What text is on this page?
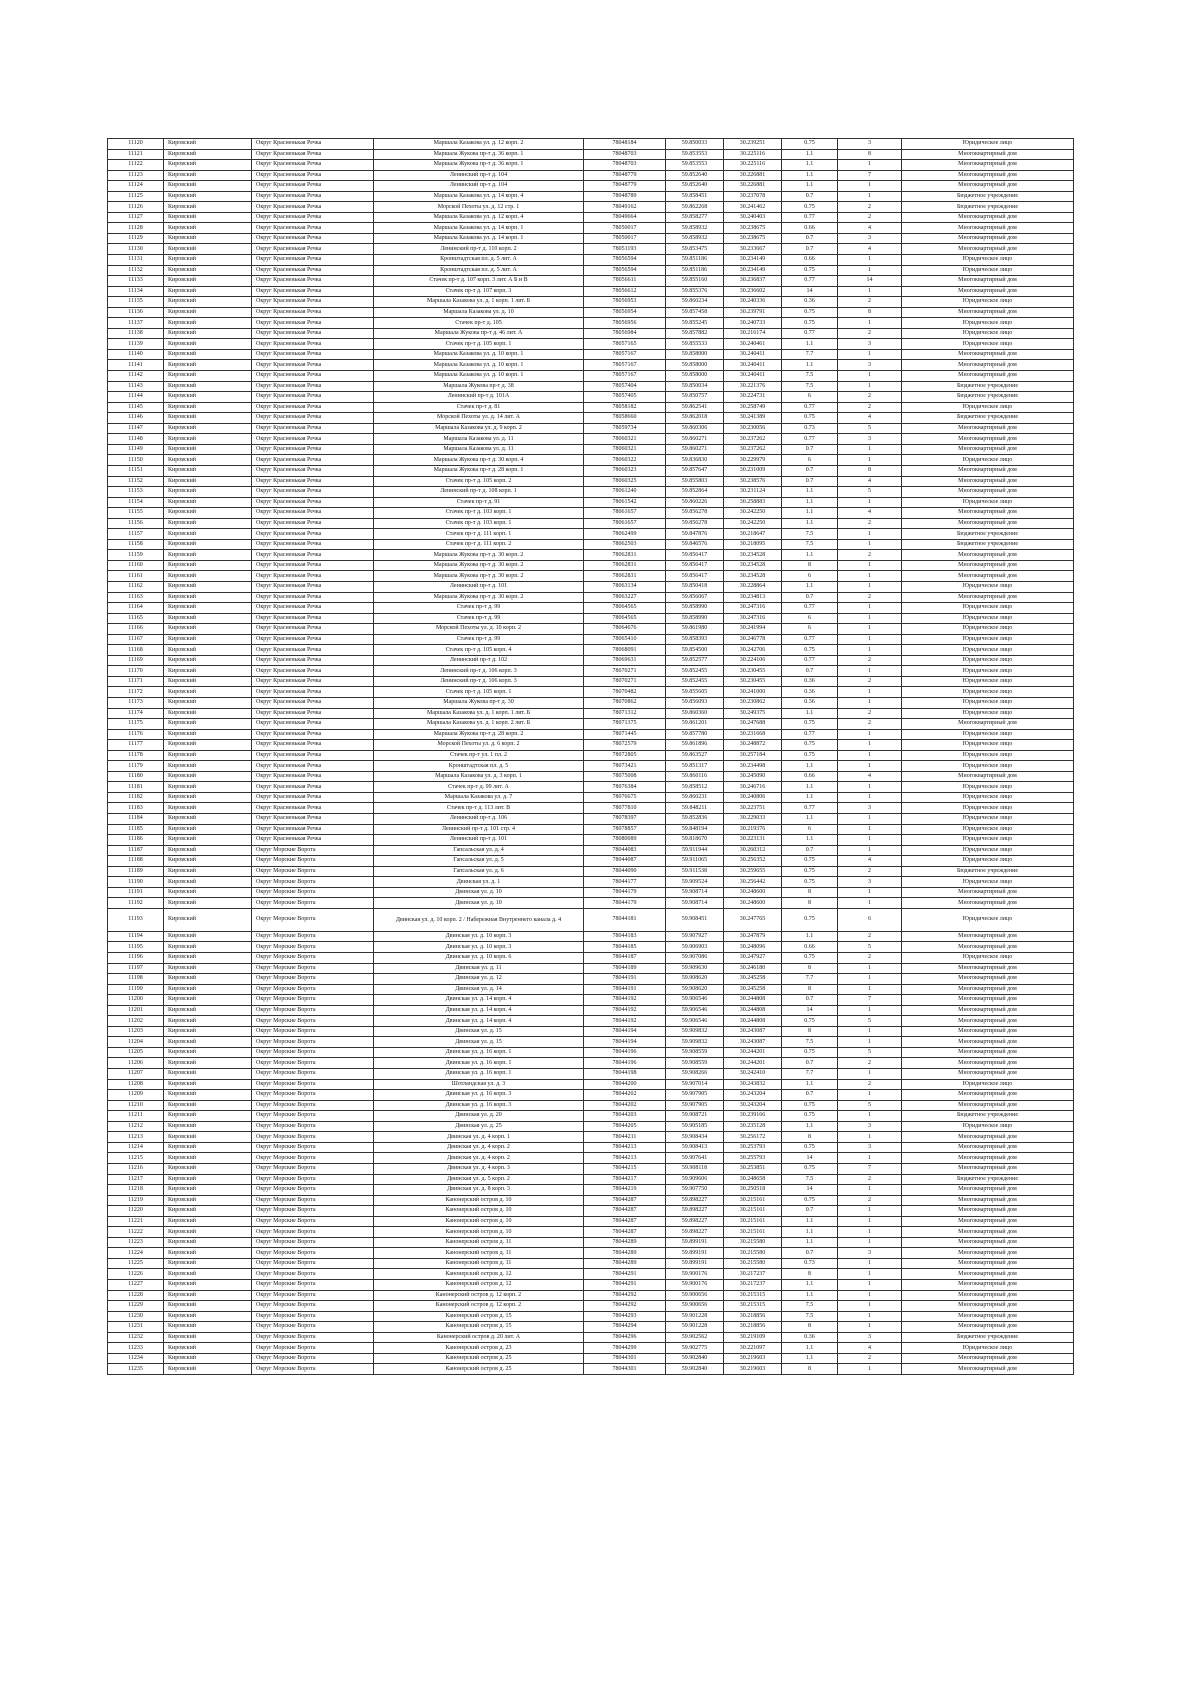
11120	Кировский	Округ Красненькая Речка	Маршала Казакова ул. д. 12 корп. 2	78048184	59.850033	30.239251	0.75	3	Юридическое лицо
11121	Кировский	Округ Красненькая Речка	Маршала Жукова пр-т д. 36 корп. 1	78048703	59.853553	30.225116	1.1	8	Многоквартирный дом
11122	Кировский	Округ Красненькая Речка	Маршала Жукова пр-т д. 36 корп. 1	78048703	59.853553	30.225116	1.1	1	Многоквартирный дом
11123	Кировский	Округ Красненькая Речка	Ленинский пр-т д. 104	78048779	59.852640	30.226881	1.1	7	Многоквартирный дом
11124	Кировский	Округ Красненькая Речка	Ленинский пр-т д. 104	78048779	59.852640	30.226881	1.1	1	Многоквартирный дом
11125	Кировский	Округ Красненькая Речка	Маршала Казакова ул. д. 14 корп. 4	78048789	59.858451	30.237078	0.7	1	Бюджетное учреждение
11126	Кировский	Округ Красненькая Речка	Морской Пехоты ул. д. 12 стр. 1	78049162	59.862268	30.241462	0.75	2	Бюджетное учреждение
11127	Кировский	Округ Красненькая Речка	Маршала Казакова ул. д. 12 корп. 4	78049664	59.858277	30.240403	0.77	2	Многоквартирный дом
11128	Кировский	Округ Красненькая Речка	Маршала Казакова ул. д. 14 корп. 1	78050017	59.858932	30.238675	0.66	4	Многоквартирный дом
11129	Кировский	Округ Красненькая Речка	Маршала Казакова ул. д. 14 корп. 1	78050017	59.858932	30.238675	0.7	3	Многоквартирный дом
11130	Кировский	Округ Красненькая Речка	Ленинский пр-т д. 110 корп. 2	78051193	59.853475	30.233667	0.7	4	Многоквартирный дом
11131	Кировский	Округ Красненькая Речка	Кронштадтская пл. д. 5 лит. А	78056594	59.851186	30.234149	0.66	1	Юридическое лицо
11132	Кировский	Округ Красненькая Речка	Кронштадтская пл. д. 5 лит. А	78056594	59.851186	30.234149	0.75	1	Юридическое лицо
11133	Кировский	Округ Красненькая Речка	Стачек пр-т д. 107 корп. 3 лит. А Б и В	78056611	59.855160	30.236837	0.77	14	Многоквартирный дом
11134	Кировский	Округ Красненькая Речка	Стачек пр-т д. 107 корп. 3	78056612	59.855376	30.236602	14	1	Многоквартирный дом
11135	Кировский	Округ Красненькая Речка	Маршала Казакова ул. д. 1 корп. 1 лит. Б	78056953	59.860234	30.240336	0.36	2	Юридическое лицо
11136	Кировский	Округ Красненькая Речка	Маршала Казакова ул. д. 10	78056954	59.857458	30.239791	0.75	8	Многоквартирный дом
11137	Кировский	Округ Красненькая Речка	Стачек пр-т д. 105	78056956	59.855245	30.240733	0.75	1	Юридическое лицо
11138	Кировский	Округ Красненькая Речка	Маршала Жукова пр-т д. 46 лит. А	78056984	59.857882	30.216174	0.77	2	Юридическое лицо
11139	Кировский	Округ Красненькая Речка	Стачек пр-т д. 105 корп. 1	78057165	59.855533	30.240461	1.1	3	Юридическое лицо
11140	Кировский	Округ Красненькая Речка	Маршала Казакова ул. д. 10 корп. 1	78057167	59.858000	30.240411	7.7	1	Многоквартирный дом
11141	Кировский	Округ Красненькая Речка	Маршала Казакова ул. д. 10 корп. 1	78057167	59.858000	30.240411	1.1	3	Многоквартирный дом
11142	Кировский	Округ Красненькая Речка	Маршала Казакова ул. д. 10 корп. 1	78057167	59.858000	30.240411	7.5	1	Многоквартирный дом
11143	Кировский	Округ Красненькая Речка	Маршала Жукова пр-т д. 38	78057404	59.850034	30.221376	7.5	1	Бюджетное учреждение
11144	Кировский	Округ Красненькая Речка	Ленинский пр-т д. 101А	78057405	59.850757	30.224731	6	2	Бюджетное учреждение
11145	Кировский	Округ Красненькая Речка	Стачек пр-т д. 81	78058182	59.862541	30.258749	0.77	2	Юридическое лицо
11146	Кировский	Округ Красненькая Речка	Морской Пехоты ул. д. 14 лит. А	78058660	59.862018	30.241389	0.75	4	Бюджетное учреждение
11147	Кировский	Округ Красненькая Речка	Маршала Казакова ул. д. 9 корп. 2	78059734	59.860306	30.230056	0.73	5	Многоквартирный дом
11148	Кировский	Округ Красненькая Речка	Маршала Казакова ул. д. 11	78060321	59.860271	30.237262	0.77	3	Многоквартирный дом
11149	Кировский	Округ Красненькая Речка	Маршала Казакова ул. д. 11	78060321	59.860271	30.237262	0.7	1	Многоквартирный дом
11150	Кировский	Округ Красненькая Речка	Маршала Жукова пр-т д. 30 корп. 4	78060322	59.836830	30.229979	6	1	Юридическое лицо
11151	Кировский	Округ Красненькая Речка	Маршала Жукова пр-т д. 28 корп. 1	78060323	59.857647	30.231009	0.7	8	Многоквартирный дом
11152	Кировский	Округ Красненькая Речка	Стачек пр-т д. 105 корп. 2	78060325	59.855803	30.238576	0.7	4	Многоквартирный дом
11153	Кировский	Округ Красненькая Речка	Ленинский пр-т д. 108 корп. 1	78061240	59.852864	30.231124	1.1	5	Многоквартирный дом
11154	Кировский	Округ Красненькая Речка	Стачек пр-т д. 91	78061542	59.860226	30.258883	1.1	1	Юридическое лицо
11155	Кировский	Округ Красненькая Речка	Стачек пр-т д. 103 корп. 1	78061657	59.856278	30.242250	1.1	4	Многоквартирный дом
11156	Кировский	Округ Красненькая Речка	Стачек пр-т д. 103 корп. 1	78061657	59.856278	30.242250	1.1	2	Многоквартирный дом
11157	Кировский	Округ Красненькая Речка	Стачек пр-т д. 111 корп. 1	78062499	59.847876	30.218647	7.5	1	Бюджетное учреждение
11158	Кировский	Округ Красненькая Речка	Стачек пр-т д. 111 корп. 2	78062503	59.846576	30.218095	7.5	1	Бюджетное учреждение
11159	Кировский	Округ Красненькая Речка	Маршала Жукова пр-т д. 30 корп. 2	78062831	59.856417	30.234528	1.1	2	Многоквартирный дом
11160	Кировский	Округ Красненькая Речка	Маршала Жукова пр-т д. 30 корп. 2	78062831	59.856417	30.234528	8	1	Многоквартирный дом
11161	Кировский	Округ Красненькая Речка	Маршала Жукова пр-т д. 30 корп. 2	78062831	59.856417	30.234528	6	1	Многоквартирный дом
11162	Кировский	Округ Красненькая Речка	Ленинский пр-т д. 101	78063134	59.850418	30.228864	1.1	1	Юридическое лицо
11163	Кировский	Округ Красненькая Речка	Маршала Жукова пр-т д. 30 корп. 2	78063227	59.856067	30.234813	0.7	2	Многоквартирный дом
11164	Кировский	Округ Красненькая Речка	Стачек пр-т д. 99	78064565	59.858990	30.247316	0.77	1	Юридическое лицо
11165	Кировский	Округ Красненькая Речка	Стачек пр-т д. 99	78064565	59.858990	30.247316	6	1	Юридическое лицо
11166	Кировский	Округ Красненькая Речка	Морской Пехоты ул. д. 10 корп. 2	78064676	59.861980	30.241994	6	1	Юридическое лицо
11167	Кировский	Округ Красненькая Речка	Стачек пр-т д. 99	78065410	59.858393	30.246778	0.77	1	Юридическое лицо
11168	Кировский	Округ Красненькая Речка	Стачек пр-т д. 105 корп. 4	78068091	59.854500	30.242706	0.75	1	Юридическое лицо
11169	Кировский	Округ Красненькая Речка	Ленинский пр-т д. 102	78069631	59.852577	30.224106	0.77	2	Юридическое лицо
11170	Кировский	Округ Красненькая Речка	Ленинский пр-т д. 106 корп. 3	78070271	59.852455	30.230455	0.7	1	Юридическое лицо
11171	Кировский	Округ Красненькая Речка	Ленинский пр-т д. 106 корп. 3	78070271	59.852455	30.230455	0.36	2	Юридическое лицо
11172	Кировский	Округ Красненькая Речка	Стачек пр-т д. 105 корп. 1	78070482	59.855605	30.241000	0.36	1	Юридическое лицо
11173	Кировский	Округ Красненькая Речка	Маршала Жукова пр-т д. 30	78070862	59.856093	30.230862	0.36	1	Юридическое лицо
11174	Кировский	Округ Красненькая Речка	Маршала Казакова ул. д. 1 корп. 1 лит. Б	78071312	59.860360	30.249375	1.1	2	Юридическое лицо
11175	Кировский	Округ Красненькая Речка	Маршала Казакова ул. д. 1 корп. 2 лит. Б	78071375	59.861201	30.247688	0.75	2	Многоквартирный дом
11176	Кировский	Округ Красненькая Речка	Маршала Жукова пр-т д. 28 корп. 2	78071445	59.857780	30.231668	0.77	1	Юридическое лицо
11177	Кировский	Округ Красненькая Речка	Морской Пехоты ул. д. 6 корп. 2	78072579	59.861896	30.248872	0.75	1	Юридическое лицо
11178	Кировский	Округ Красненькая Речка	Стачек пр-т ул. 1 пл. 2	78072805	59.863527	30.257184	0.75	1	Юридическое лицо
11179	Кировский	Округ Красненькая Речка	Кронштадтская пл. д. 5	78073421	59.851317	30.234498	1.1	1	Юридическое лицо
11180	Кировский	Округ Красненькая Речка	Маршала Казакова ул. д. 3 корп. 1	78075008	59.860116	30.245090	0.66	4	Многоквартирный дом
11181	Кировский	Округ Красненькая Речка	Стачек пр-т д. 99 лит. А	78076384	59.858512	30.246716	1.1	1	Юридическое лицо
11182	Кировский	Округ Красненькая Речка	Маршала Казакова ул. д. 7	78076675	59.860231	30.240806	1.1	1	Юридическое лицо
11183	Кировский	Округ Красненькая Речка	Стачек пр-т д. 113 лит. В	78077810	59.848211	30.223751	0.77	3	Юридическое лицо
11184	Кировский	Округ Красненькая Речка	Ленинский пр-т д. 106	78078397	59.852836	30.229033	1.1	1	Юридическое лицо
11185	Кировский	Округ Красненькая Речка	Ленинский пр-т д. 101 стр. 4	78078857	59.848194	30.219376	6	1	Юридическое лицо
11186	Кировский	Округ Красненькая Речка	Ленинский пр-т д. 101	78080089	59.818670	30.223131	1.1	1	Юридическое лицо
11187	Кировский	Округ Морские Ворота	Гапсальская ул. д. 4	78044083	59.911944	30.260312	0.7	1	Юридическое лицо
11188	Кировский	Округ Морские Ворота	Гапсальская ул. д. 5	78044087	59.911065	30.256352	0.75	4	Юридическое лицо
11189	Кировский	Округ Морские Ворота	Гапсальская ул. д. 6	78044090	59.911538	30.259655	0.75	2	Бюджетное учреждение
11190	Кировский	Округ Морские Ворота	Двинская ул. д. 1	78044177	59.909524	30.256442	0.75	3	Юридическое лицо
11191	Кировский	Округ Морские Ворота	Двинская ул. д. 10	78044179	59.908714	30.248600	8	1	Многоквартирный дом
11192	Кировский	Округ Морские Ворота	Двинская ул. д. 10	78044179	59.908714	30.248600	8	1	Многоквартирный дом
11193	Кировский	Округ Морские Ворота	Двинская ул. д. 10 корп. 2 / Набережная Внутреннего канала д. 4	78044181	59.908451	30.247765	0.75	6	Юридическое лицо
11194	Кировский	Округ Морские Ворота	Двинская ул. д. 10 корп. 3	78044183	59.907927	30.247879	1.1	2	Многоквартирный дом
11195	Кировский	Округ Морские Ворота	Двинская ул. д. 10 корп. 3	78044185	59.906903	30.248096	0.66	5	Многоквартирный дом
11196	Кировский	Округ Морские Ворота	Двинская ул. д. 10 корп. 6	78044187	59.907086	30.247927	0.75	2	Юридическое лицо
11197	Кировский	Округ Морские Ворота	Двинская ул. д. 11	78044189	59.909630	30.246180	8	1	Многоквартирный дом
11198	Кировский	Округ Морские Ворота	Двинская ул. д. 12	78044191	59.908620	30.245258	7.7	1	Многоквартирный дом
11199	Кировский	Округ Морские Ворота	Двинская ул. д. 14	78044191	59.908620	30.245258	8	1	Многоквартирный дом
11200	Кировский	Округ Морские Ворота	Двинская ул. д. 14 корп. 4	78044192	59.906546	30.244808	0.7	7	Многоквартирный дом
11201	Кировский	Округ Морские Ворота	Двинская ул. д. 14 корп. 4	78044192	59.906546	30.244808	14	1	Многоквартирный дом
11202	Кировский	Округ Морские Ворота	Двинская ул. д. 14 корп. 4	78044192	59.906546	30.244808	0.75	5	Многоквартирный дом
11203	Кировский	Округ Морские Ворота	Двинская ул. д. 15	78044194	59.909832	30.243087	8	1	Многоквартирный дом
11204	Кировский	Округ Морские Ворота	Двинская ул. д. 15	78044194	59.909832	30.243087	7.5	1	Многоквартирный дом
11205	Кировский	Округ Морские Ворота	Двинская ул. д. 16 корп. 1	78044196	59.908559	30.244201	0.75	5	Многоквартирный дом
11206	Кировский	Округ Морские Ворота	Двинская ул. д. 16 корп. 1	78044196	59.908559	30.244201	0.7	2	Многоквартирный дом
11207	Кировский	Округ Морские Ворота	Двинская ул. д. 16 корп. 1	78044198	59.908266	30.242410	7.7	1	Многоквартирный дом
11208	Кировский	Округ Морские Ворота	Шотландская ул. д. 3	78044200	59.907014	30.243832	1.1	2	Юридическое лицо
11209	Кировский	Округ Морские Ворота	Двинская ул. д. 16 корп. 3	78044202	59.907905	30.243204	0.7	1	Многоквартирный дом
11210	Кировский	Округ Морские Ворота	Двинская ул. д. 16 корп. 3	78044202	59.907905	30.243204	0.75	5	Многоквартирный дом
11211	Кировский	Округ Морские Ворота	Двинская ул. д. 20	78044203	59.908721	30.239166	0.75	1	Бюджетное учреждение
11212	Кировский	Округ Морские Ворота	Двинская ул. д. 25	78044205	59.905185	30.235128	1.1	3	Юридическое лицо
11213	Кировский	Округ Морские Ворота	Двинская ул. д. 4 корп. 1	78044211	59.908434	30.256172	8	1	Многоквартирный дом
11214	Кировский	Округ Морские Ворота	Двинская ул. д. 4 корп. 2	78044213	59.908413	30.253793	0.75	3	Многоквартирный дом
11215	Кировский	Округ Морские Ворота	Двинская ул. д. 4 корп. 2	78044213	59.907641	30.255793	14	1	Многоквартирный дом
11216	Кировский	Округ Морские Ворота	Двинская ул. д. 4 корп. 3	78044215	59.908118	30.253851	0.75	7	Многоквартирный дом
11217	Кировский	Округ Морские Ворота	Двинская ул. д. 5 корп. 2	78044217	59.909606	30.248658	7.5	2	Бюджетное учреждение
11218	Кировский	Округ Морские Ворота	Двинская ул. д. 8 корп. 3	78044219	59.907750	30.250518	14	1	Многоквартирный дом
11219	Кировский	Округ Морские Ворота	Канонерский остров д. 10	78044287	59.898227	30.215161	0.75	2	Многоквартирный дом
11220	Кировский	Округ Морские Ворота	Канонерский остров д. 10	78044287	59.898227	30.215161	0.7	1	Многоквартирный дом
11221	Кировский	Округ Морские Ворота	Канонерский остров д. 10	78044287	59.898227	30.215161	1.1	1	Многоквартирный дом
11222	Кировский	Округ Морские Ворота	Канонерский остров д. 10	78044287	59.898227	30.215161	1.1	1	Многоквартирный дом
11223	Кировский	Округ Морские Ворота	Канонерский остров д. 11	78044289	59.899191	30.215580	1.1	1	Многоквартирный дом
11224	Кировский	Округ Морские Ворота	Канонерский остров д. 11	78044289	59.899191	30.215580	0.7	3	Многоквартирный дом
11225	Кировский	Округ Морские Ворота	Канонерский остров д. 11	78044289	59.899191	30.215580	0.73	1	Многоквартирный дом
11226	Кировский	Округ Морские Ворота	Канонерский остров д. 12	78044291	59.900176	30.217237	8	1	Многоквартирный дом
11227	Кировский	Округ Морские Ворота	Канонерский остров д. 12	78044291	59.900176	30.217237	1.1	1	Многоквартирный дом
11228	Кировский	Округ Морские Ворота	Канонерский остров д. 12 корп. 2	78044292	59.900656	30.215315	1.1	1	Многоквартирный дом
11229	Кировский	Округ Морские Ворота	Канонерский остров д. 12 корп. 2	78044292	59.900656	30.215315	7.5	1	Многоквартирный дом
11230	Кировский	Округ Морские Ворота	Канонерский остров д. 15	78044293	59.901228	30.218856	7.5	1	Многоквартирный дом
11231	Кировский	Округ Морские Ворота	Канонерский остров д. 15	78044294	59.901228	30.218856	8	1	Многоквартирный дом
11232	Кировский	Округ Морские Ворота	Канонерский остров д. 20 лит. А	78044296	59.902562	30.219109	0.36	3	Бюджетное учреждение
11233	Кировский	Округ Морские Ворота	Канонерский остров д. 23	78044299	59.902775	30.221097	1.1	4	Юридическое лицо
11234	Кировский	Округ Морские Ворота	Канонерский остров д. 25	78044301	59.902840	30.219603	1.1	2	Многоквартирный дом
11235	Кировский	Округ Морские Ворота	Канонерский остров д. 25	78044301	59.902840	30.219603	8	1	Многоквартирный дом
